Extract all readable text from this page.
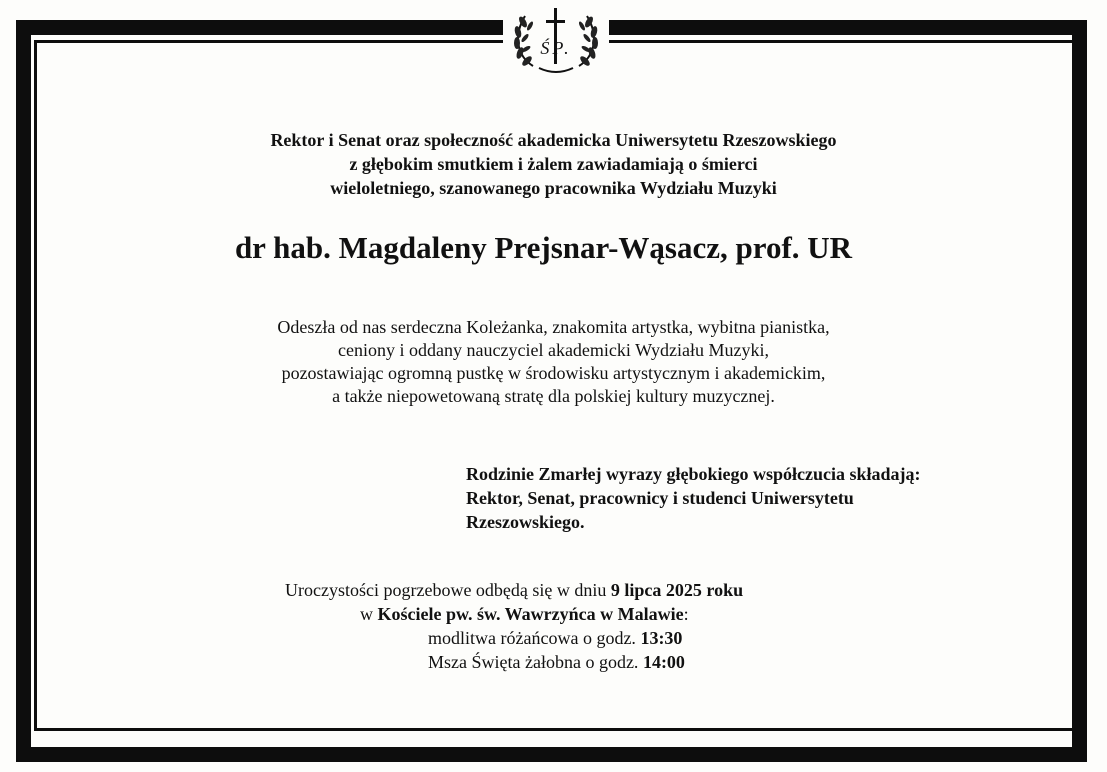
ŚP.
Rektor i Senat oraz społeczność akademicka Uniwersytetu Rzeszowskiego
z głębokim smutkiem i żalem zawiadamiają o śmierci
wieloletniego, szanowanego pracownika Wydziału Muzyki
dr hab. Magdaleny Prejsnar-Wąsacz, prof. UR
Odeszła od nas serdeczna Koleżanka, znakomita artystka, wybitna pianistka,
ceniony i oddany nauczyciel akademicki Wydziału Muzyki,
pozostawiając ogromną pustkę w środowisku artystycznym i akademickim,
a także niepowetowaną stratę dla polskiej kultury muzycznej.
Rodzinie Zmarłej wyrazy głębokiego współczucia składają:
Rektor, Senat, pracownicy i studenci Uniwersytetu
Rzeszowskiego.
Uroczystości pogrzebowe odbędą się w dniu 9 lipca 2025 roku
w Kościele pw. św. Wawrzyńca w Malawie:
modlitwa różańcowa o godz. 13:30
Msza Święta żałobna o godz. 14:00
